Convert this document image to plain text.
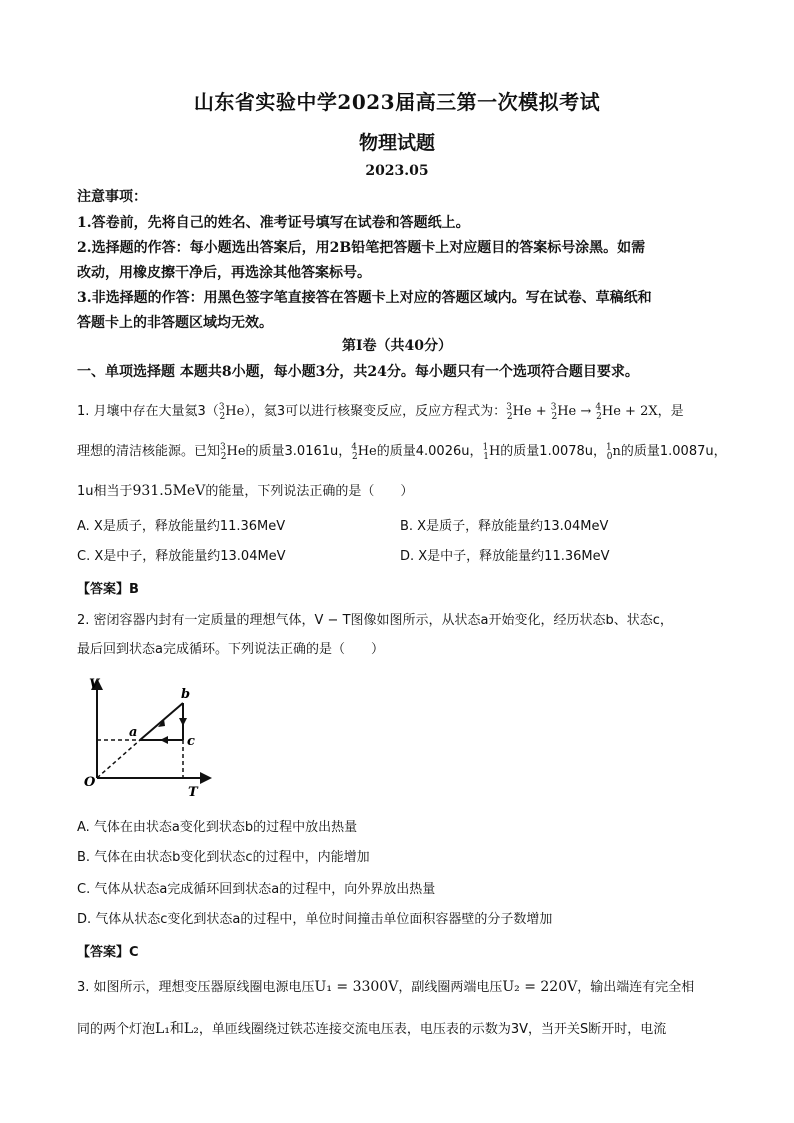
山东省实验中学2023届高三第一次模拟考试
物理试题
2023.05
注意事项：
1.答卷前，先将自己的姓名、准考证号填写在试卷和答题纸上。
2.选择题的作答：每小题选出答案后，用2B铅笔把答题卡上对应题目的答案标号涂黑。如需
改动，用橡皮擦干净后，再选涂其他答案标号。
3.非选择题的作答：用黑色签字笔直接答在答题卡上对应的答题区域内。写在试卷、草稿纸和
答题卡上的非答题区域均无效。
第Ⅰ卷（共40分）
一、单项选择题 本题共8小题，每小题3分，共24分。每小题只有一个选项符合题目要求。
1. 月壤中存在大量氦3（$^3_2$He），氦3可以进行核聚变反应，反应方程式为：$^3_2$He + $^3_2$He → $^4_2$He + 2X，是
理想的清洁核能源。已知$^3_2$He的质量3.0161u，$^4_2$He的质量4.0026u，$^1_1$H的质量1.0078u，$^1_0$n的质量1.0087u，
1u相当于931.5MeV的能量，下列说法正确的是（　　）
A. X是质子，释放能量约11.36MeV	B. X是质子，释放能量约13.04MeV
C. X是中子，释放能量约13.04MeV	D. X是中子，释放能量约11.36MeV
【答案】B
2. 密闭容器内封有一定质量的理想气体，V − T图像如图所示，从状态a开始变化，经历状态b、状态c，
最后回到状态a完成循环。下列说法正确的是（　　）
V
T
O
a
b
c
A. 气体在由状态a变化到状态b的过程中放出热量
B. 气体在由状态b变化到状态c的过程中，内能增加
C. 气体从状态a完成循环回到状态a的过程中，向外界放出热量
D. 气体从状态c变化到状态a的过程中，单位时间撞击单位面积容器壁的分子数增加
【答案】C
3. 如图所示，理想变压器原线圈电源电压U₁ = 3300V，副线圈两端电压U₂ = 220V，输出端连有完全相
同的两个灯泡L₁和L₂，单匝线圈绕过铁芯连接交流电压表，电压表的示数为3V，当开关S断开时，电流
